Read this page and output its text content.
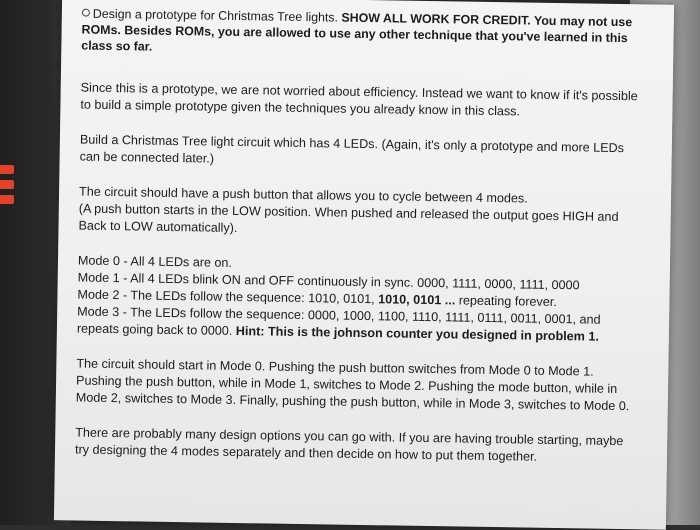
Design a prototype for Christmas Tree lights. SHOW ALL WORK FOR CREDIT. You may not use ROMs. Besides ROMs, you are allowed to use any other technique that you've learned in this class so far.

Since this is a prototype, we are not worried about efficiency. Instead we want to know if it's possible to build a simple prototype given the techniques you already know in this class.

Build a Christmas Tree light circuit which has 4 LEDs. (Again, it's only a prototype and more LEDs can be connected later.)

The circuit should have a push button that allows you to cycle between 4 modes.
(A push button starts in the LOW position. When pushed and released the output goes HIGH and Back to LOW automatically).

Mode 0 - All 4 LEDs are on.
Mode 1 - All 4 LEDs blink ON and OFF continuously in sync. 0000, 1111, 0000, 1111, 0000
Mode 2 - The LEDs follow the sequence: 1010, 0101, 1010, 0101 ... repeating forever.
Mode 3 - The LEDs follow the sequence: 0000, 1000, 1100, 1110, 1111, 0111, 0011, 0001, and repeats going back to 0000. Hint: This is the johnson counter you designed in problem 1.

The circuit should start in Mode 0. Pushing the push button switches from Mode 0 to Mode 1. Pushing the push button, while in Mode 1, switches to Mode 2. Pushing the mode button, while in Mode 2, switches to Mode 3. Finally, pushing the push button, while in Mode 3, switches to Mode 0.

There are probably many design options you can go with. If you are having trouble starting, maybe try designing the 4 modes separately and then decide on how to put them together.
